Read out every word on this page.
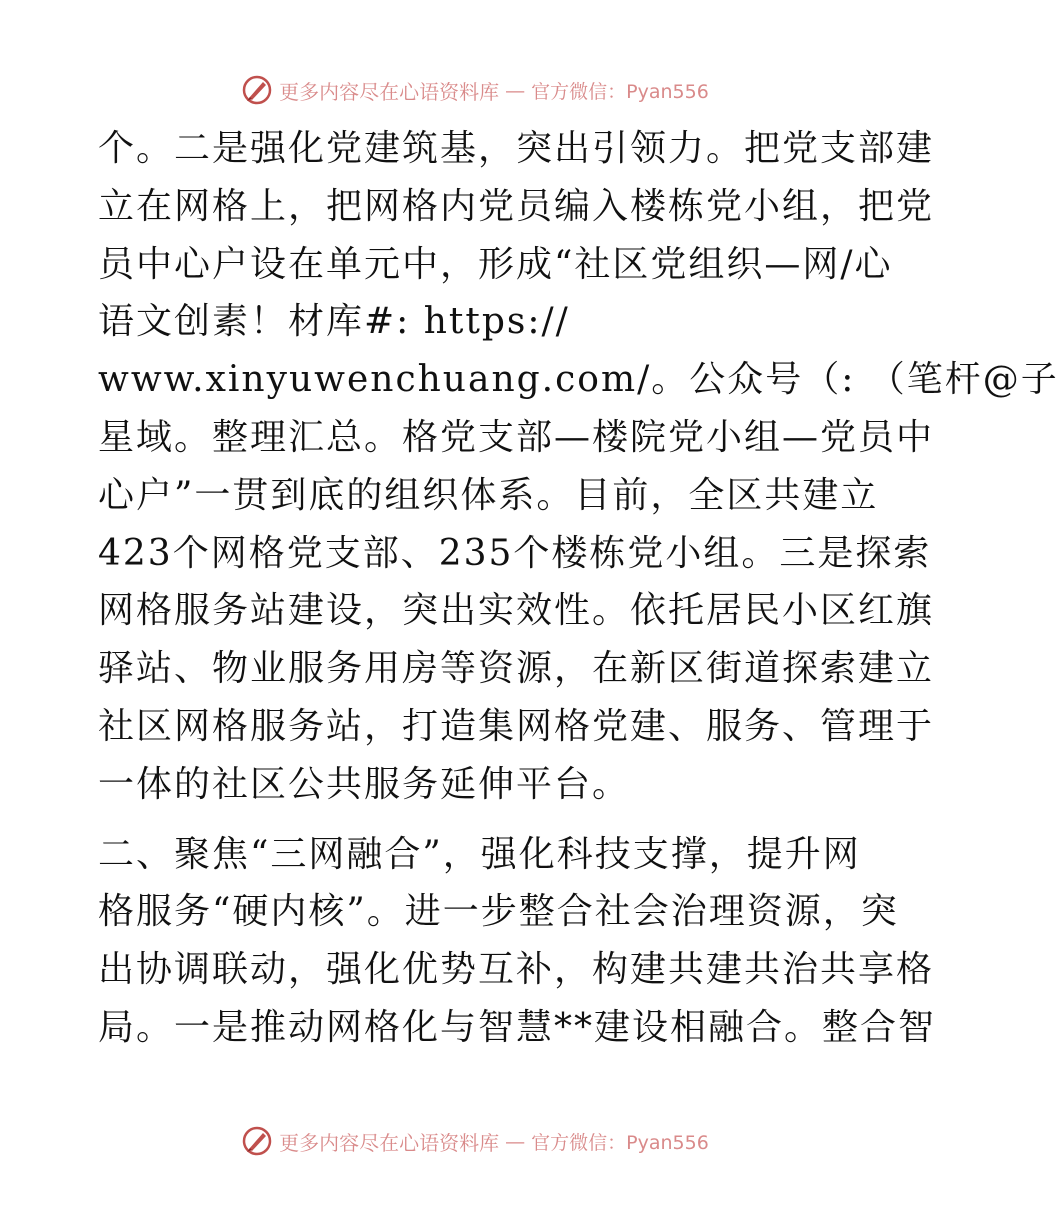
更多内容尽在心语资料库 — 官方微信：Pyan556
个。二是强化党建筑基，突出引领力。把党支部建
立在网格上，把网格内党员编入楼栋党小组，把党
员中心户设在单元中，形成“社区党组织—网/心
语文创素！材库#: https://
www.xinyuwenchuang.com/。公众号（: （笔杆@子
星域。整理汇总。格党支部—楼院党小组—党员中
心户”一贯到底的组织体系。目前，全区共建立
423个网格党支部、235个楼栋党小组。三是探索
网格服务站建设，突出实效性。依托居民小区红旗
驿站、物业服务用房等资源，在新区街道探索建立
社区网格服务站，打造集网格党建、服务、管理于
一体的社区公共服务延伸平台。
二、聚焦“三网融合”，强化科技支撑，提升网
格服务“硬内核”。进一步整合社会治理资源，突
出协调联动，强化优势互补，构建共建共治共享格
局。一是推动网格化与智慧**建设相融合。整合智
更多内容尽在心语资料库 — 官方微信：Pyan556
